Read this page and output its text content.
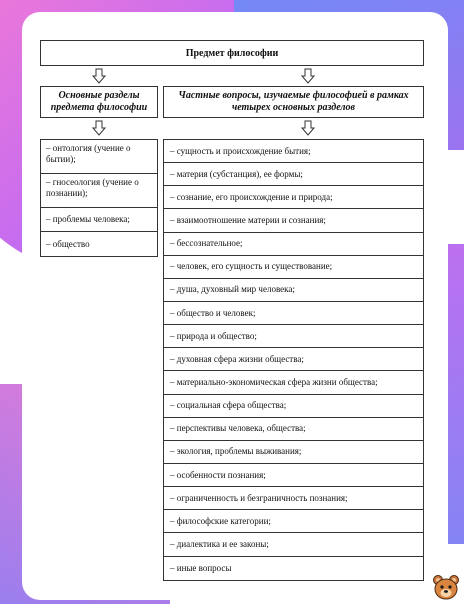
Предмет философии
Основные разделы предмета философии
Частные вопросы, изучаемые философией в рамках четырех основных разделов
– онтология (учение о бытии);
– гносеология (учение о познании);
– проблемы человека;
– общество
– сущность и происхождение бытия;
– материя (субстанция), ее формы;
– сознание, его происхождение и природа;
– взаимоотношение материи и сознания;
– бессознательное;
– человек, его сущность и существование;
– душа, духовный мир человека;
– общество и человек;
– природа и общество;
– духовная сфера жизни общества;
– материально-экономическая сфера жизни общества;
– социальная сфера общества;
– перспективы человека, общества;
– экология, проблемы выживания;
– особенности познания;
– ограниченность и безграничность познания;
– философские категории;
– диалектика и ее законы;
– иные вопросы
